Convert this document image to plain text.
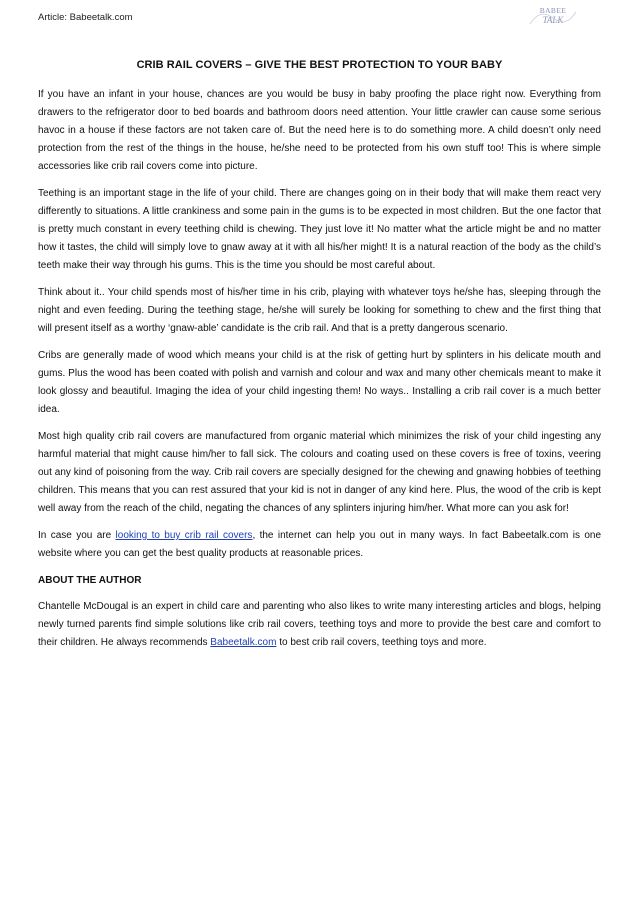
Article: Babeetalk.com
BABEE
TALK
CRIB RAIL COVERS – GIVE THE BEST PROTECTION TO YOUR BABY

If you have an infant in your house, chances are you would be busy in baby proofing the place right now. Everything from drawers to the refrigerator door to bed boards and bathroom doors need attention. Your little crawler can cause some serious havoc in a house if these factors are not taken care of. But the need here is to do something more. A child doesn’t only need protection from the rest of the things in the house, he/she need to be protected from his own stuff too! This is where simple accessories like crib rail covers come into picture.

Teething is an important stage in the life of your child. There are changes going on in their body that will make them react very differently to situations. A little crankiness and some pain in the gums is to be expected in most children. But the one factor that is pretty much constant in every teething child is chewing. They just love it! No matter what the article might be and no matter how it tastes, the child will simply love to gnaw away at it with all his/her might! It is a natural reaction of the body as the child’s teeth make their way through his gums. This is the time you should be most careful about.

Think about it.. Your child spends most of his/her time in his crib, playing with whatever toys he/she has, sleeping through the night and even feeding. During the teething stage, he/she will surely be looking for something to chew and the first thing that will present itself as a worthy ‘gnaw-able’ candidate is the crib rail. And that is a pretty dangerous scenario.

Cribs are generally made of wood which means your child is at the risk of getting hurt by splinters in his delicate mouth and gums. Plus the wood has been coated with polish and varnish and colour and wax and many other chemicals meant to make it look glossy and beautiful. Imaging the idea of your child ingesting them! No ways.. Installing a crib rail cover is a much better idea.

Most high quality crib rail covers are manufactured from organic material which minimizes the risk of your child ingesting any harmful material that might cause him/her to fall sick. The colours and coating used on these covers is free of toxins, veering out any kind of poisoning from the way. Crib rail covers are specially designed for the chewing and gnawing hobbies of teething children. This means that you can rest assured that your kid is not in danger of any kind here. Plus, the wood of the crib is kept well away from the reach of the child, negating the chances of any splinters injuring him/her. What more can you ask for!

In case you are looking to buy crib rail covers, the internet can help you out in many ways. In fact Babeetalk.com is one website where you can get the best quality products at reasonable prices.

ABOUT THE AUTHOR

Chantelle McDougal is an expert in child care and parenting who also likes to write many interesting articles and blogs, helping newly turned parents find simple solutions like crib rail covers, teething toys and more to provide the best care and comfort to their children. He always recommends Babeetalk.com to best crib rail covers, teething toys and more.
